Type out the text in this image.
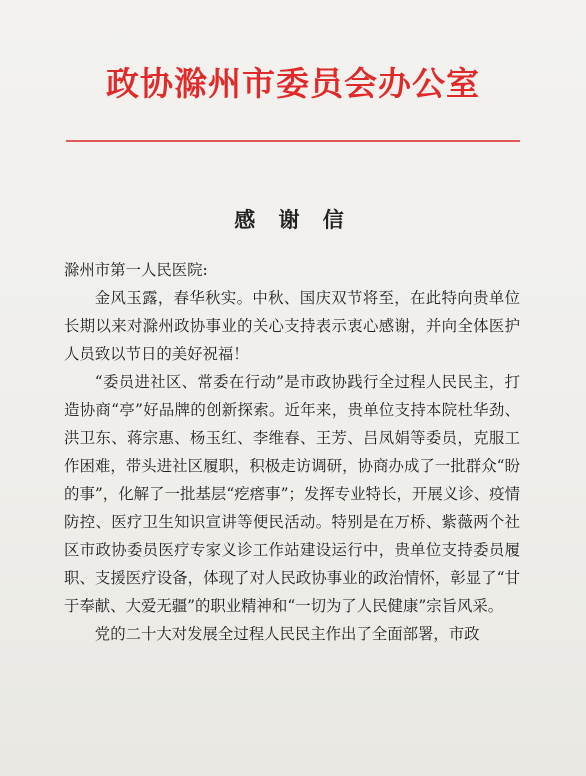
政协滁州市委员会办公室
感 谢 信

滁州市第一人民医院:

金风玉露，春华秋实。中秋、国庆双节将至，在此特向贵单位长期以来对滁州政协事业的关心支持表示衷心感谢，并向全体医护人员致以节日的美好祝福！

“委员进社区、常委在行动”是市政协践行全过程人民民主，打造协商“亭”好品牌的创新探索。近年来，贵单位支持本院杜华劲、洪卫东、蒋宗惠、杨玉红、李维春、王芳、吕凤娟等委员，克服工作困难，带头进社区履职，积极走访调研，协商办成了一批群众“盼的事”，化解了一批基层“疙瘩事”；发挥专业特长，开展义诊、疫情防控、医疗卫生知识宣讲等便民活动。特别是在万桥、紫薇两个社区市政协委员医疗专家义诊工作站建设运行中，贵单位支持委员履职、支援医疗设备，体现了对人民政协事业的政治情怀，彰显了“甘于奉献、大爱无疆”的职业精神和“一切为了人民健康”宗旨风采。

党的二十大对发展全过程人民民主作出了全面部署，市政
